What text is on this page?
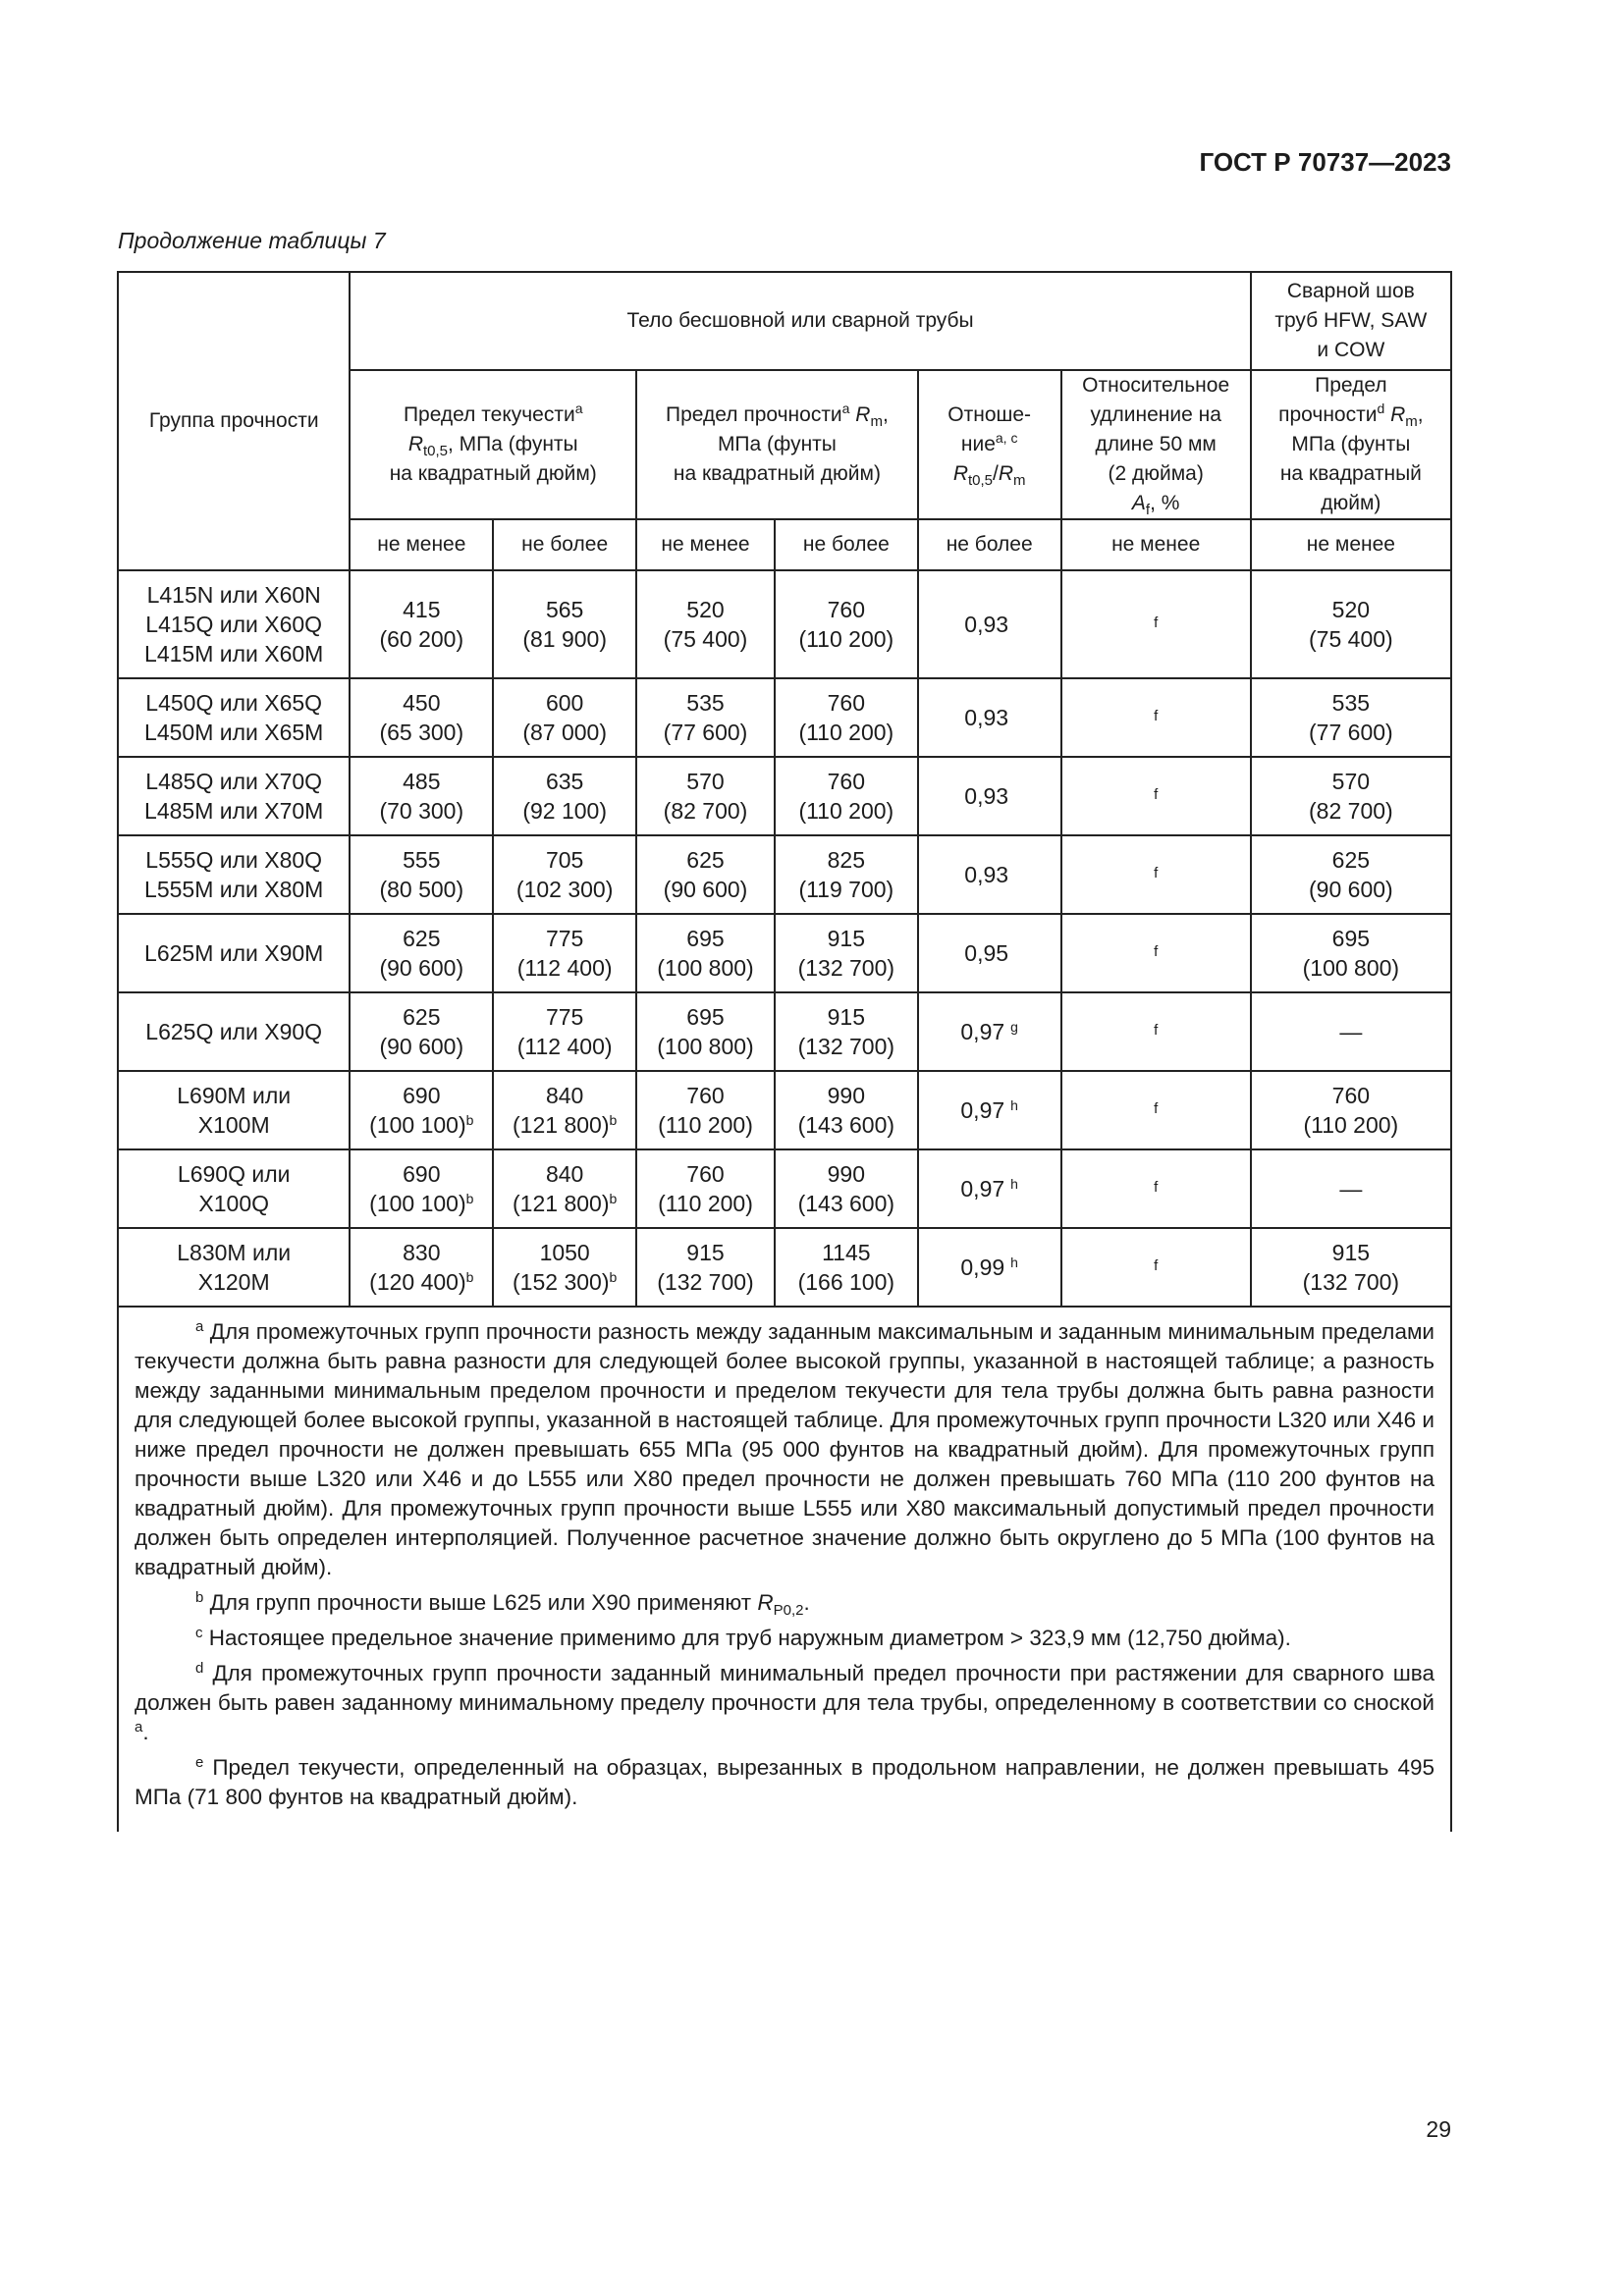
ГОСТ Р 70737—2023
Продолжение таблицы 7
Группа прочности	Тело бесшовной или сварной трубы						Сварной шов
труб HFW, SAW
и COW
	Предел текучести$^a$
$R_{t0,5}$, МПа (фунты
на квадратный дюйм)		Предел прочности$^a$ $R_m$,
МПа (фунты
на квадратный дюйм)		Отноше-
ние$^{a, c}$
$R_{t0,5}/R_m$	Относительное
удлинение на
длине 50 мм
(2 дюйма)
$A_f$, %	Предел
прочности$^d$ $R_m$,
МПа (фунты
на квадратный
дюйм)
	не менее	не более	не менее	не более	не более	не менее	не менее
L415N или X60N
L415Q или X60Q
L415M или X60M	415
(60 200)	565
(81 900)	520
(75 400)	760
(110 200)	0,93	$^f$	520
(75 400)
L450Q или X65Q
L450M или X65M	450
(65 300)	600
(87 000)	535
(77 600)	760
(110 200)	0,93	$^f$	535
(77 600)
L485Q или X70Q
L485M или X70M	485
(70 300)	635
(92 100)	570
(82 700)	760
(110 200)	0,93	$^f$	570
(82 700)
L555Q или X80Q
L555M или X80M	555
(80 500)	705
(102 300)	625
(90 600)	825
(119 700)	0,93	$^f$	625
(90 600)
L625M или X90M	625
(90 600)	775
(112 400)	695
(100 800)	915
(132 700)	0,95	$^f$	695
(100 800)
L625Q или X90Q	625
(90 600)	775
(112 400)	695
(100 800)	915
(132 700)	0,97 $^g$	$^f$	—
L690M или
X100M	690
(100 100)$^b$	840
(121 800)$^b$	760
(110 200)	990
(143 600)	0,97 $^h$	$^f$	760
(110 200)
L690Q или
X100Q	690
(100 100)$^b$	840
(121 800)$^b$	760
(110 200)	990
(143 600)	0,97 $^h$	$^f$	—
L830M или
X120M	830
(120 400)$^b$	1050
(152 300)$^b$	915
(132 700)	1145
(166 100)	0,99 $^h$	$^f$	915
(132 700)

$^a$ Для промежуточных групп прочности разность между заданным максимальным и заданным минимальным пределами текучести должна быть равна разности для следующей более высокой группы, указанной в настоящей таблице; а разность между заданными минимальным пределом прочности и пределом текучести для тела трубы должна быть равна разности для следующей более высокой группы, указанной в настоящей таблице. Для промежуточных групп прочности L320 или X46 и ниже предел прочности не должен превышать 655 МПа (95 000 фунтов на квадратный дюйм). Для промежуточных групп прочности выше L320 или X46 и до L555 или X80 предел прочности не должен превышать 760 МПа (110 200 фунтов на квадратный дюйм). Для промежуточных групп прочности выше L555 или X80 максимальный допустимый предел прочности должен быть определен интерполяцией. Полученное расчетное значение должно быть округлено до 5 МПа (100 фунтов на квадратный дюйм).

$^b$ Для групп прочности выше L625 или X90 применяют $R_{P0,2}$.

$^c$ Настоящее предельное значение применимо для труб наружным диаметром > 323,9 мм (12,750 дюйма).

$^d$ Для промежуточных групп прочности заданный минимальный предел прочности при растяжении для сварного шва должен быть равен заданному минимальному пределу прочности для тела трубы, определенному в соответствии со сноской $^a$.

$^e$ Предел текучести, определенный на образцах, вырезанных в продольном направлении, не должен превышать 495 МПа (71 800 фунтов на квадратный дюйм).							

29
